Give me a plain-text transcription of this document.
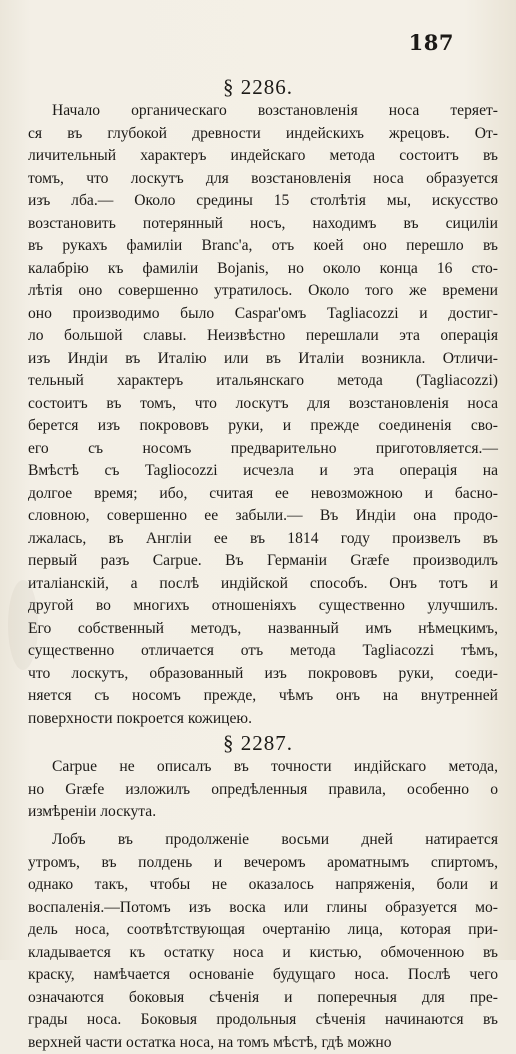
187
§ 2286.
Начало органическаго возстановленія носа теряет-
ся въ глубокой древности индейскихъ жрецовъ. От-
личительный характеръ индейскаго метода состоитъ въ
томъ, что лоскутъ для возстановленія носа образуется
изъ лба.— Около средины 15 столѣтія мы, искусство
возстановить потерянный носъ, находимъ въ сициліи
въ рукахъ фамиліи Branc'а, отъ коей оно перешло въ
калабрію къ фамиліи Bojanis, но около конца 16 сто-
лѣтія оно совершенно утратилось. Около того же времени
оно производимо было Caspar'омъ Tagliacozzi и достиг-
ло большой славы. Неизвѣстно перешлали эта операція
изъ Индіи въ Италію или въ Италіи возникла. Отличи-
тельный характеръ итальянскаго метода (Tagliacozzi)
состоитъ въ томъ, что лоскутъ для возстановленія носа
берется изъ покрововъ руки, и прежде соединенія сво-
его съ носомъ предварительно приготовляется.—
Вмѣстѣ съ Tagliocozzi исчезла и эта операція на
долгое время; ибо, считая ее невозможною и басно-
словною, совершенно ее забыли.— Въ Индіи она продо-
лжалась, въ Англіи ее въ 1814 году произвелъ въ
первый разъ Carpue. Въ Германіи Græfe производилъ
италіанскій, а послѣ индійской способъ. Онъ тотъ и
другой во многихъ отношеніяхъ существенно улучшилъ.
Его собственный методъ, названный имъ нѣмецкимъ,
существенно отличается отъ метода Tagliacozzi тѣмъ,
что лоскутъ, образованный изъ покрововъ руки, соеди-
няется съ носомъ прежде, чѣмъ онъ на внутренней
поверхности покроется кожицею.
§ 2287.
Carpue не описалъ въ точности индійскаго метода,
но Græfe изложилъ опредѣленныя правила, особенно о
измѣреніи лоскута.
Лобъ въ продолженіе восьми дней натирается
утромъ, въ полдень и вечеромъ ароматнымъ спиртомъ,
однако такъ, чтобы не оказалось напряженія, боли и
воспаленія.—Потомъ изъ воска или глины образуется мо-
дель носа, соотвѣтствующая очертанію лица, которая при-
кладывается къ остатку носа и кистью, обмоченною въ
краску, намѣчается основаніе будущаго носа. Послѣ чего
означаются боковыя сѣченія и поперечныя для пре-
грады носа. Боковыя продольныя сѣченія начинаются въ
верхней части остатка носа, на томъ мѣстѣ, гдѣ можно
